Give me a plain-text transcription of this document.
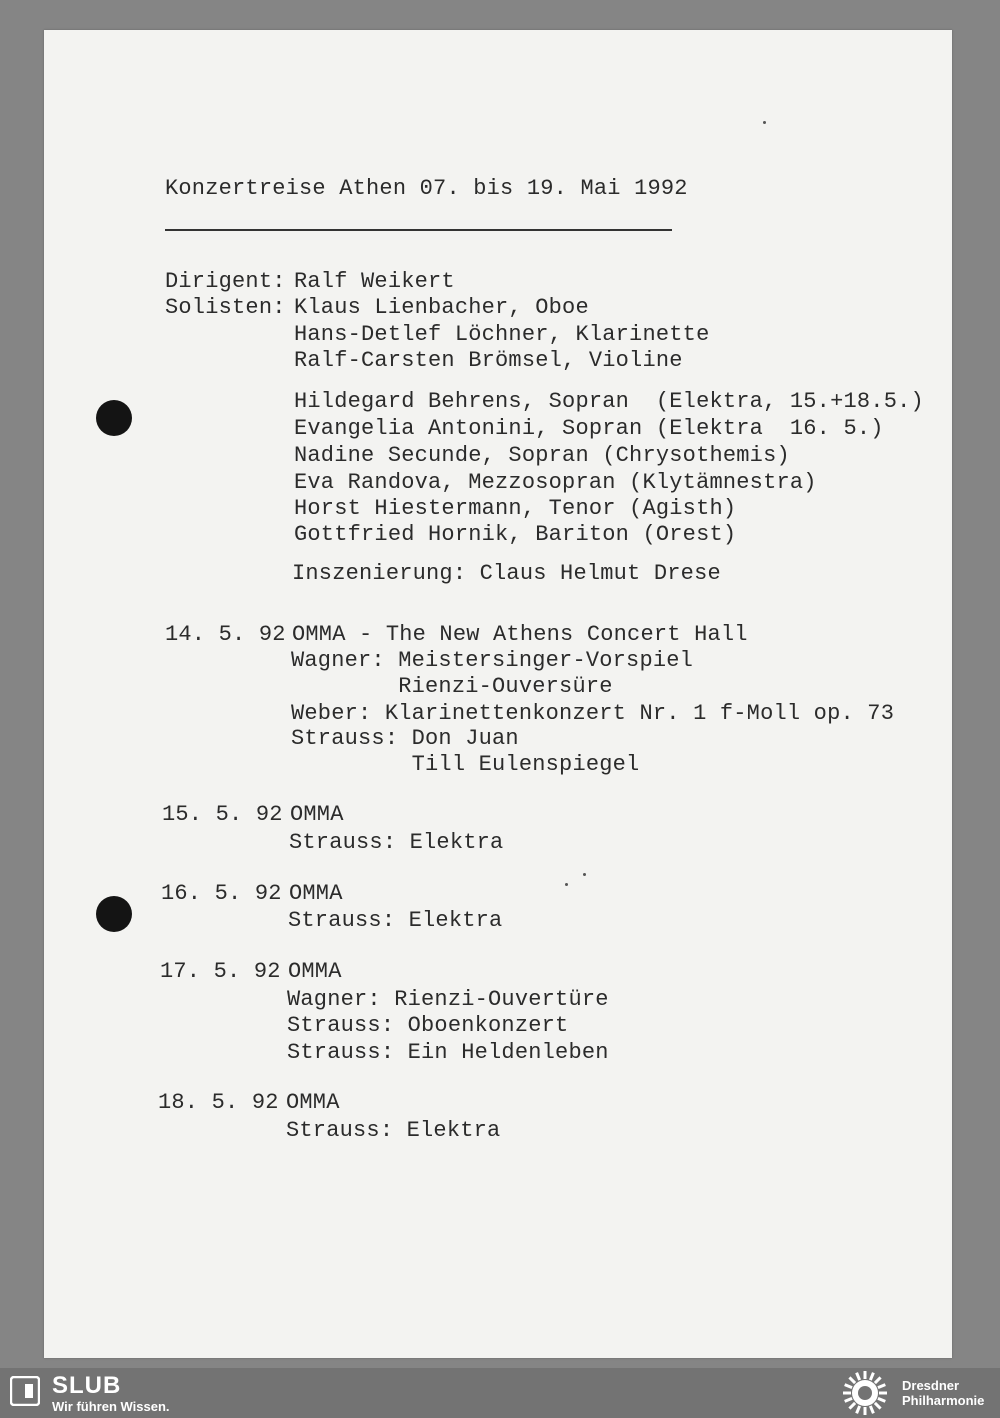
Konzertreise Athen 07. bis 19. Mai 1992
Dirigent: Ralf Weikert
Solisten: Klaus Lienbacher, Oboe
Hans-Detlef Löchner, Klarinette
Ralf-Carsten Brömsel, Violine
Hildegard Behrens, Sopran  (Elektra, 15.+18.5.)
Evangelia Antonini, Sopran (Elektra  16. 5.)
Nadine Secunde, Sopran (Chrysothemis)
Eva Randova, Mezzosopran (Klytämnestra)
Horst Hiestermann, Tenor (Agisth)
Gottfried Hornik, Bariton (Orest)
Inszenierung: Claus Helmut Drese
14. 5. 92 OMMA - The New Athens Concert Hall
Wagner: Meistersinger-Vorspiel
Rienzi-Ouversüre
Weber: Klarinettenkonzert Nr. 1 f-Moll op. 73
Strauss: Don Juan
Till Eulenspiegel
15. 5. 92 OMMA
Strauss: Elektra
16. 5. 92 OMMA
Strauss: Elektra
17. 5. 92 OMMA
Wagner: Rienzi-Ouvertüre
Strauss: Oboenkonzert
Strauss: Ein Heldenleben
18. 5. 92 OMMA
Strauss: Elektra
SLUB
Wir führen Wissen.
Dresdner
Philharmonie
